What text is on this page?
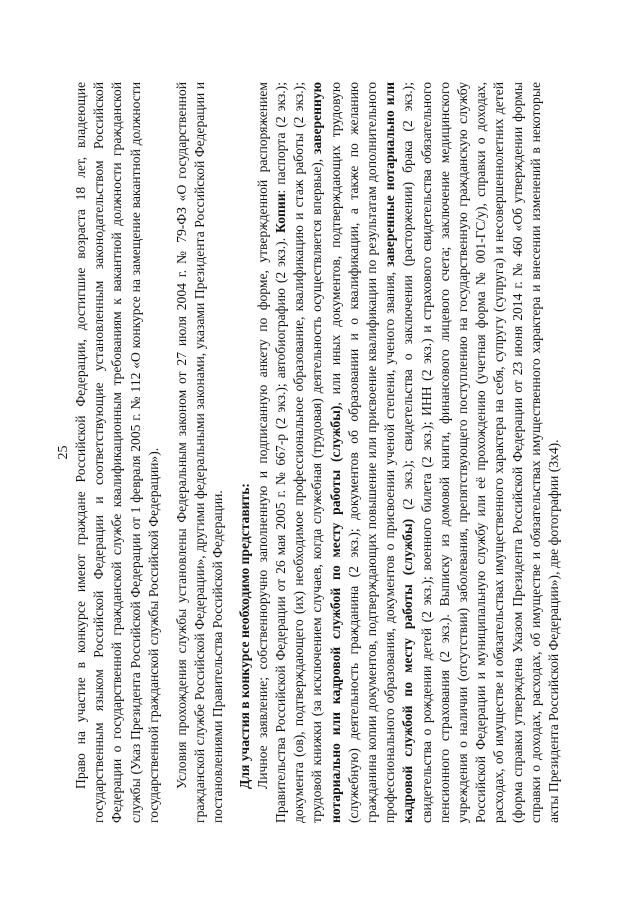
25 Право на участие в конкурсе имеют граждане Российской Федерации, достигшие возраста 18 лет, владеющие государственным языком Российской Федерации и соответствующие установленным законодательством Российской Федерации о государственной гражданской службе квалификационным требованиям к вакантной должности гражданской службы (Указ Президента Российской Федерации от 1 февраля 2005 г. № 112 «О конкурсе на замещение вакантной должности государственной гражданской службы Российской Федерации»). Условия прохождения службы установлены Федеральным законом от 27 июля 2004 г. № 79-ФЗ «О государственной гражданской службе Российской Федерации», другими федеральными законами, указами Президента Российской Федерации и постановлениями Правительства Российской Федерации. Для участия в конкурсе необходимо представить: Личное заявление; собственноручно заполненную и подписанную анкету по форме, утвержденной распоряжением Правительства Российской Федерации от 26 мая 2005 г. № 667-р (2 экз.); автобиографию (2 экз.). Копии: паспорта (2 экз.); документа (ов), подтверждающего (их) необходимое профессиональное образование, квалификацию и стаж работы (2 экз.); трудовой книжки (за исключением случаев, когда служебная (трудовая) деятельность осуществляется впервые), заверенную нотариально или кадровой службой по месту работы (службы), или иных документов, подтверждающих трудовую (служебную) деятельность гражданина (2 экз.); документов об образовании и о квалификации, а также по желанию гражданина копии документов, подтверждающих повышение или присвоение квалификации по результатам дополнительного профессионального образования, документов о присвоении ученой степени, ученого звания, заверенные нотариально или кадровой службой по месту работы (службы) (2 экз.); свидетельства о заключении (расторжении) брака (2 экз.); свидетельства о рождении детей (2 экз.); военного билета (2 экз.); ИНН (2 экз.) и страхового свидетельства обязательного пенсионного страхования (2 экз.). Выписку из домовой книги, финансового лицевого счета; заключение медицинского учреждения о наличии (отсутствии) заболевания, препятствующего поступлению на государственную гражданскую службу Российской Федерации и муниципальную службу или её прохождению (учетная форма № 001-ГС/у), справки о доходах, расходах, об имуществе и обязательствах имущественного характера на себя, супругу (супруга) и несовершеннолетних детей (форма справки утверждена Указом Президента Российской Федерации от 23 июня 2014 г. № 460 «Об утверждении формы справки о доходах, расходах, об имуществе и обязательствах имущественного характера и внесении изменений в некоторые акты Президента Российской Федерации»), две фотографии (3х4).
